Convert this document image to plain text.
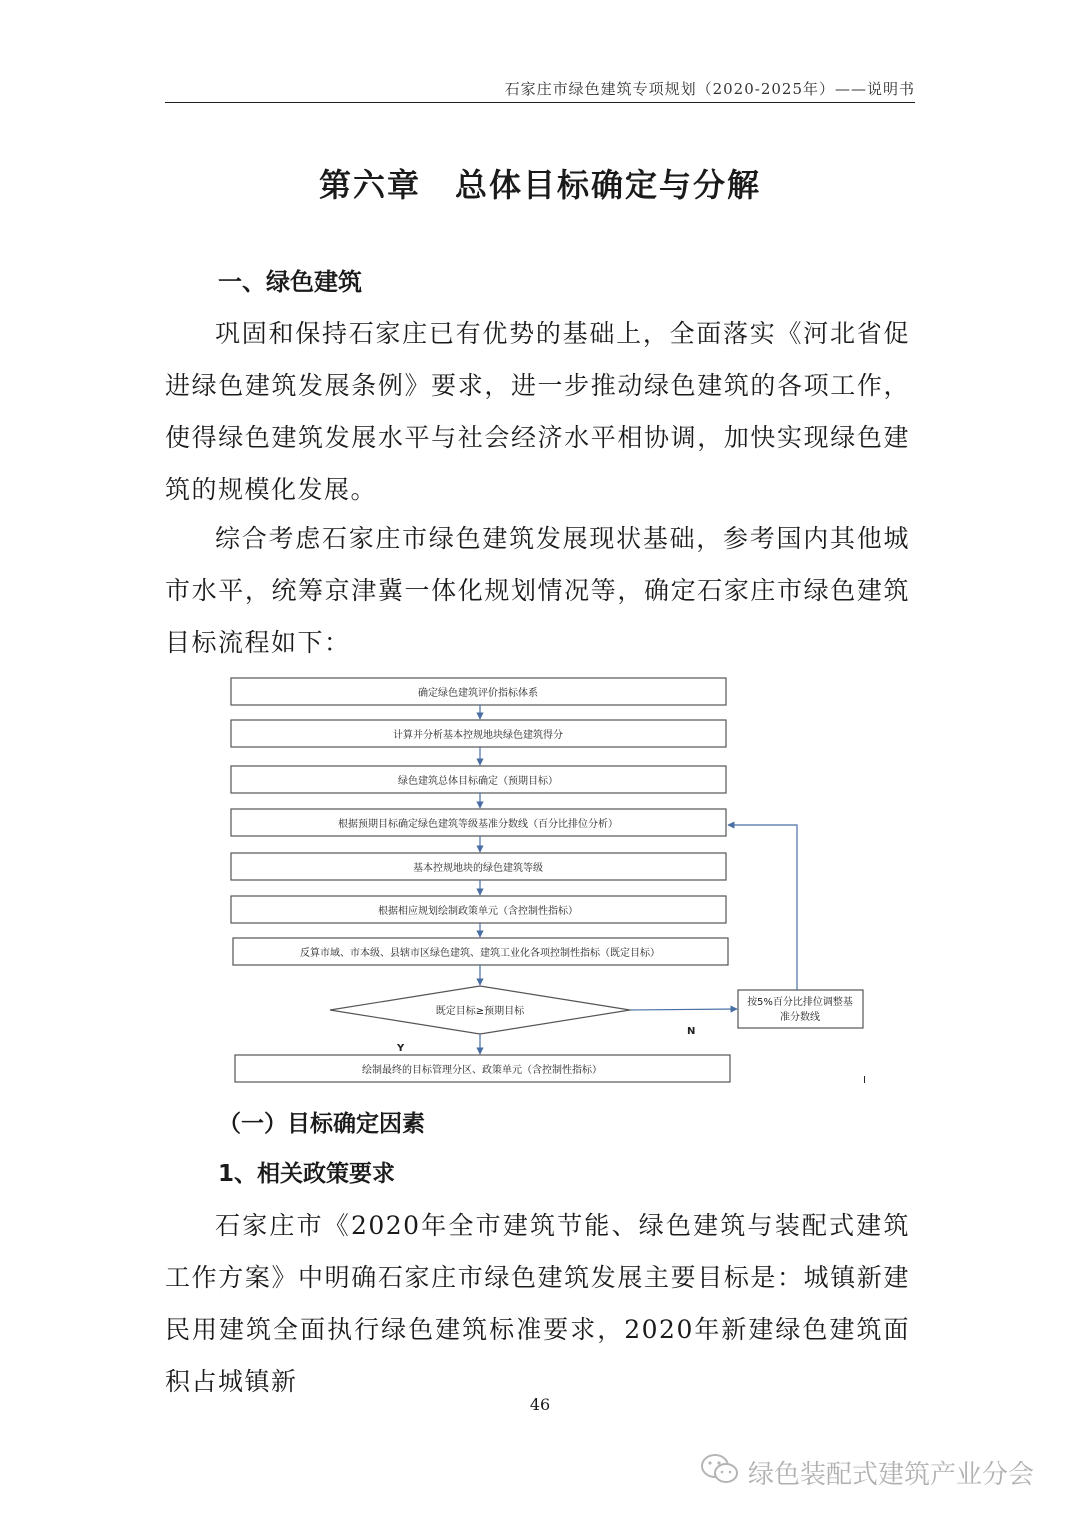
石家庄市绿色建筑专项规划（2020-2025年）——说明书
第六章　总体目标确定与分解
一、绿色建筑

巩固和保持石家庄已有优势的基础上，全面落实《河北省促进绿色建筑发展条例》要求，进一步推动绿色建筑的各项工作，使得绿色建筑发展水平与社会经济水平相协调，加快实现绿色建筑的规模化发展。

综合考虑石家庄市绿色建筑发展现状基础，参考国内其他城市水平，统筹京津冀一体化规划情况等，确定石家庄市绿色建筑目标流程如下：

确定绿色建筑评价指标体系
计算并分析基本控规地块绿色建筑得分
绿色建筑总体目标确定（预期目标）
根据预期目标确定绿色建筑等级基准分数线（百分比排位分析）
基本控规地块的绿色建筑等级
根据相应规划绘制政策单元（含控制性指标）
反算市域、市本级、县辖市区绿色建筑、建筑工业化各项控制性指标（既定目标）
既定目标≥预期目标
按5%百分比排位调整基
准分数线
绘制最终的目标管理分区、政策单元（含控制性指标）
N
Y
I
（一）目标确定因素
1、相关政策要求

石家庄市《2020年全市建筑节能、绿色建筑与装配式建筑工作方案》中明确石家庄市绿色建筑发展主要目标是：城镇新建民用建筑全面执行绿色建筑标准要求，2020年新建绿色建筑面积占城镇新

46
绿色装配式建筑产业分会
